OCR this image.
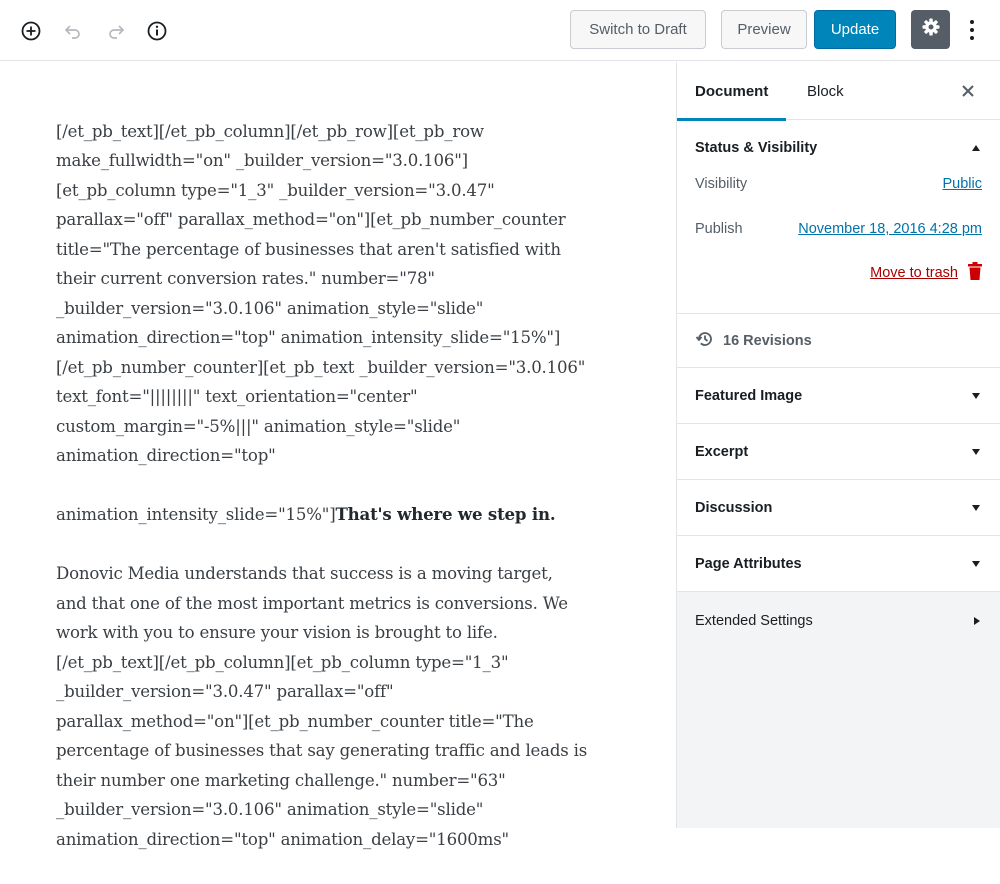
Switch to Draft	Preview	Update

[/et_pb_text][/et_pb_column][/et_pb_row][et_pb_row
make_fullwidth="on" _builder_version="3.0.106"]
[et_pb_column type="1_3" _builder_version="3.0.47"
parallax="off" parallax_method="on"][et_pb_number_counter
title="The percentage of businesses that aren't satisfied with
their current conversion rates." number="78"
_builder_version="3.0.106" animation_style="slide"
animation_direction="top" animation_intensity_slide="15%"]
[/et_pb_number_counter][et_pb_text _builder_version="3.0.106"
text_font="||||||||" text_orientation="center"
custom_margin="-5%|||" animation_style="slide"
animation_direction="top"

animation_intensity_slide="15%"]That's where we step in.

Donovic Media understands that success is a moving target,
and that one of the most important metrics is conversions. We
work with you to ensure your vision is brought to life.
[/et_pb_text][/et_pb_column][et_pb_column type="1_3"
_builder_version="3.0.47" parallax="off"
parallax_method="on"][et_pb_number_counter title="The
percentage of businesses that say generating traffic and leads is
their number one marketing challenge." number="63"
_builder_version="3.0.106" animation_style="slide"
animation_direction="top" animation_delay="1600ms"

Document	Block
Status & Visibility
Visibility	Public
Publish	November 18, 2016 4:28 pm
Move to trash
16 Revisions
Featured Image
Excerpt
Discussion
Page Attributes
Extended Settings
